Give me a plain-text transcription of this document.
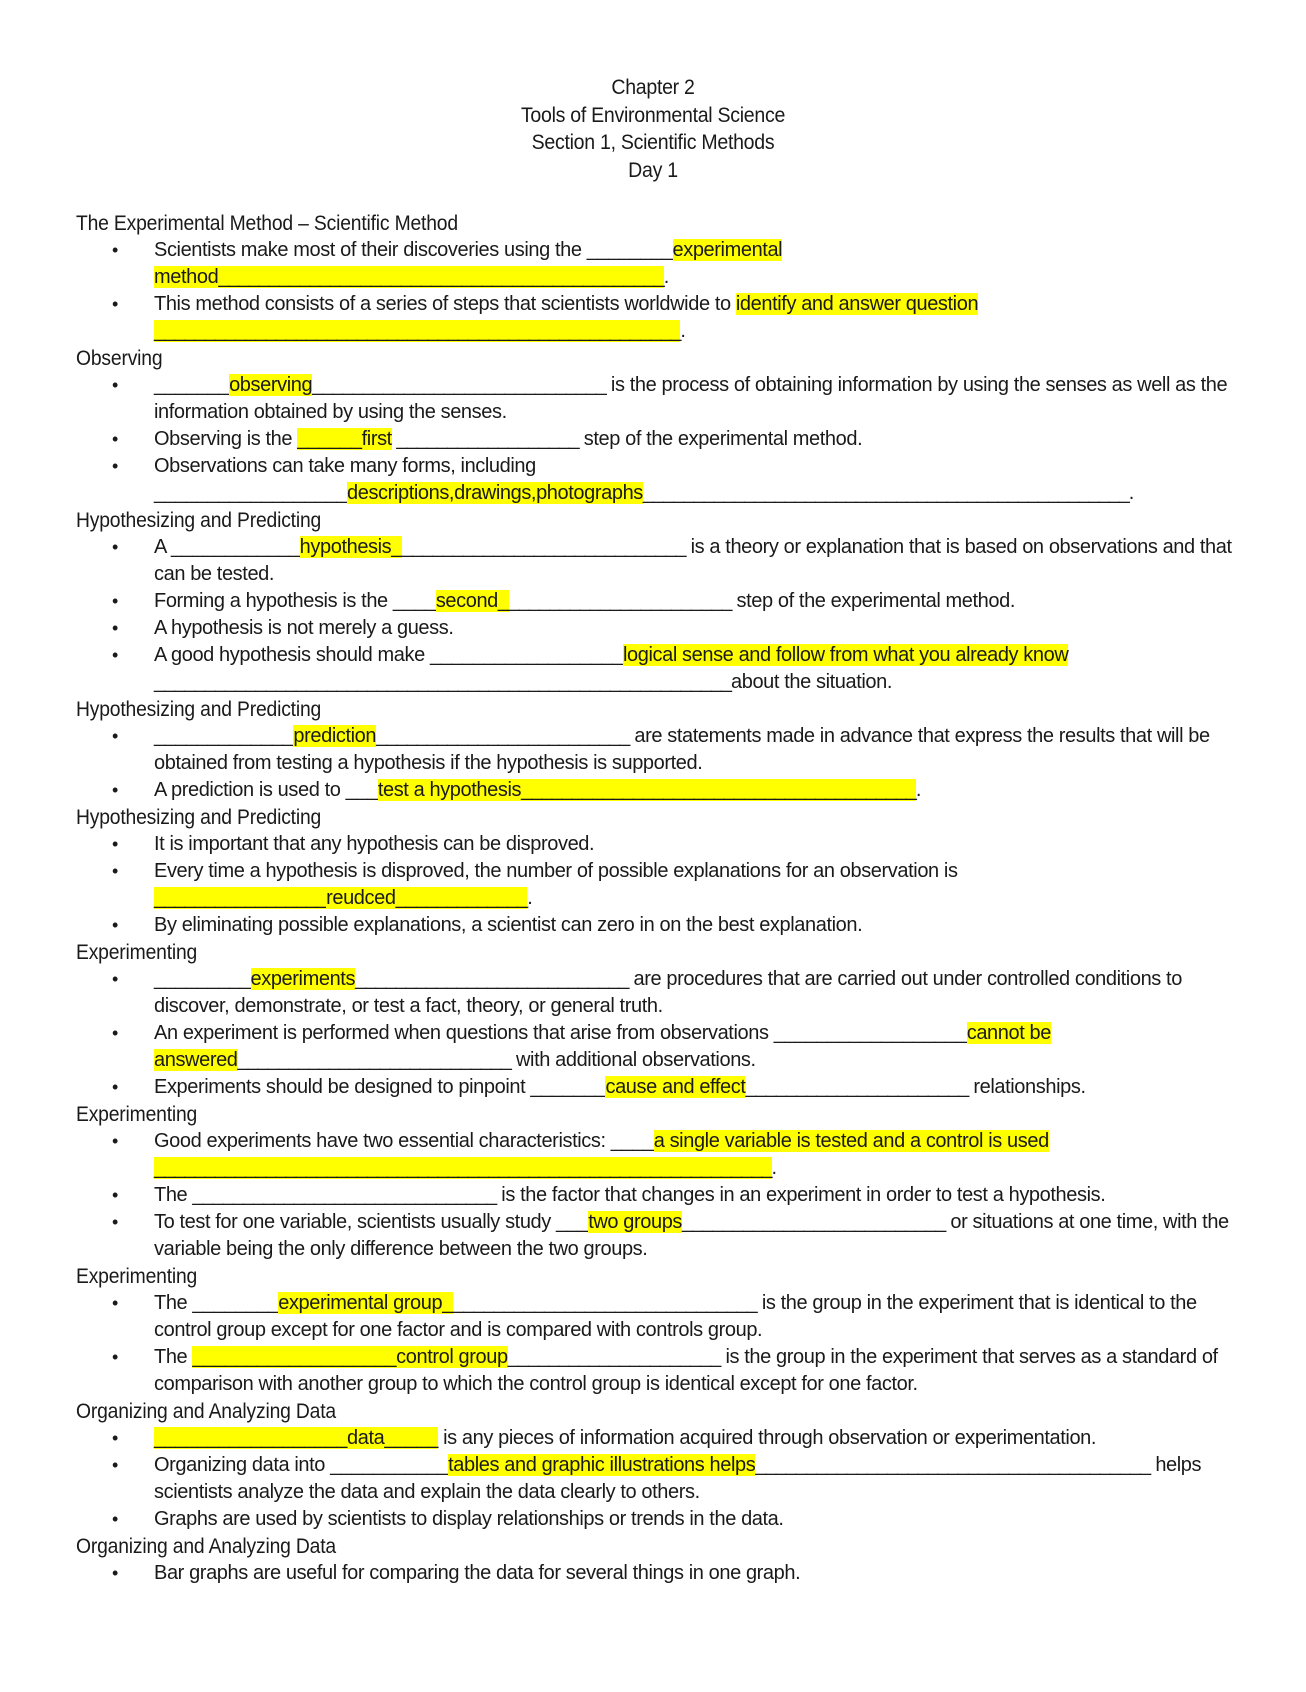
Chapter 2
Tools of Environmental Science
Section 1, Scientific Methods
Day 1
The Experimental Method – Scientific Method
• Scientists make most of their discoveries using the ________experimental method____________________________________________.
• This method consists of a series of steps that scientists worldwide to identify and answer question
____________________________________________________.
Observing
• _______observing_____________________________ is the process of obtaining information by using the senses as well as the information obtained by using the senses.
• Observing is the ______first __________________ step of the experimental method.
• Observations can take many forms, including __________________descriptions,drawings,photographs________________________________________________.
Hypothesizing and Predicting
• A ____________hypothesis_____________________________ is a theory or explanation that is based on observations and that can be tested.
• Forming a hypothesis is the ____second_______________________ step of the experimental method.
• A hypothesis is not merely a guess.
• A good hypothesis should make __________________logical sense and follow from what you already know
_________________________________________________________about the situation.
Hypothesizing and Predicting
• _____________prediction_________________________ are statements made in advance that express the results that will be obtained from testing a hypothesis if the hypothesis is supported.
• A prediction is used to ___test a hypothesis_______________________________________.
Hypothesizing and Predicting
• It is important that any hypothesis can be disproved.
• Every time a hypothesis is disproved, the number of possible explanations for an observation is
_________________reudced_____________.
• By eliminating possible explanations, a scientist can zero in on the best explanation.
Experimenting
• _________experiments___________________________ are procedures that are carried out under controlled conditions to discover, demonstrate, or test a fact, theory, or general truth.
• An experiment is performed when questions that arise from observations __________________cannot be answered___________________________ with additional observations.
• Experiments should be designed to pinpoint _______cause and effect______________________ relationships.
Experimenting
• Good experiments have two essential characteristics: ____a single variable is tested and a control is used
_____________________________________________________________.
• The ______________________________ is the factor that changes in an experiment in order to test a hypothesis.
• To test for one variable, scientists usually study ___two groups__________________________ or situations at one time, with the variable being the only difference between the two groups.
Experimenting
• The ________experimental group_______________________________ is the group in the experiment that is identical to the control group except for one factor and is compared with controls group.
• The ___________________control group_____________________ is the group in the experiment that serves as a standard of comparison with another group to which the control group is identical except for one factor.
Organizing and Analyzing Data
• __________________data_____ is any pieces of information acquired through observation or experimentation.
• Organizing data into ___________tables and graphic illustrations helps_______________________________________ helps scientists analyze the data and explain the data clearly to others.
• Graphs are used by scientists to display relationships or trends in the data.
Organizing and Analyzing Data
• Bar graphs are useful for comparing the data for several things in one graph.
